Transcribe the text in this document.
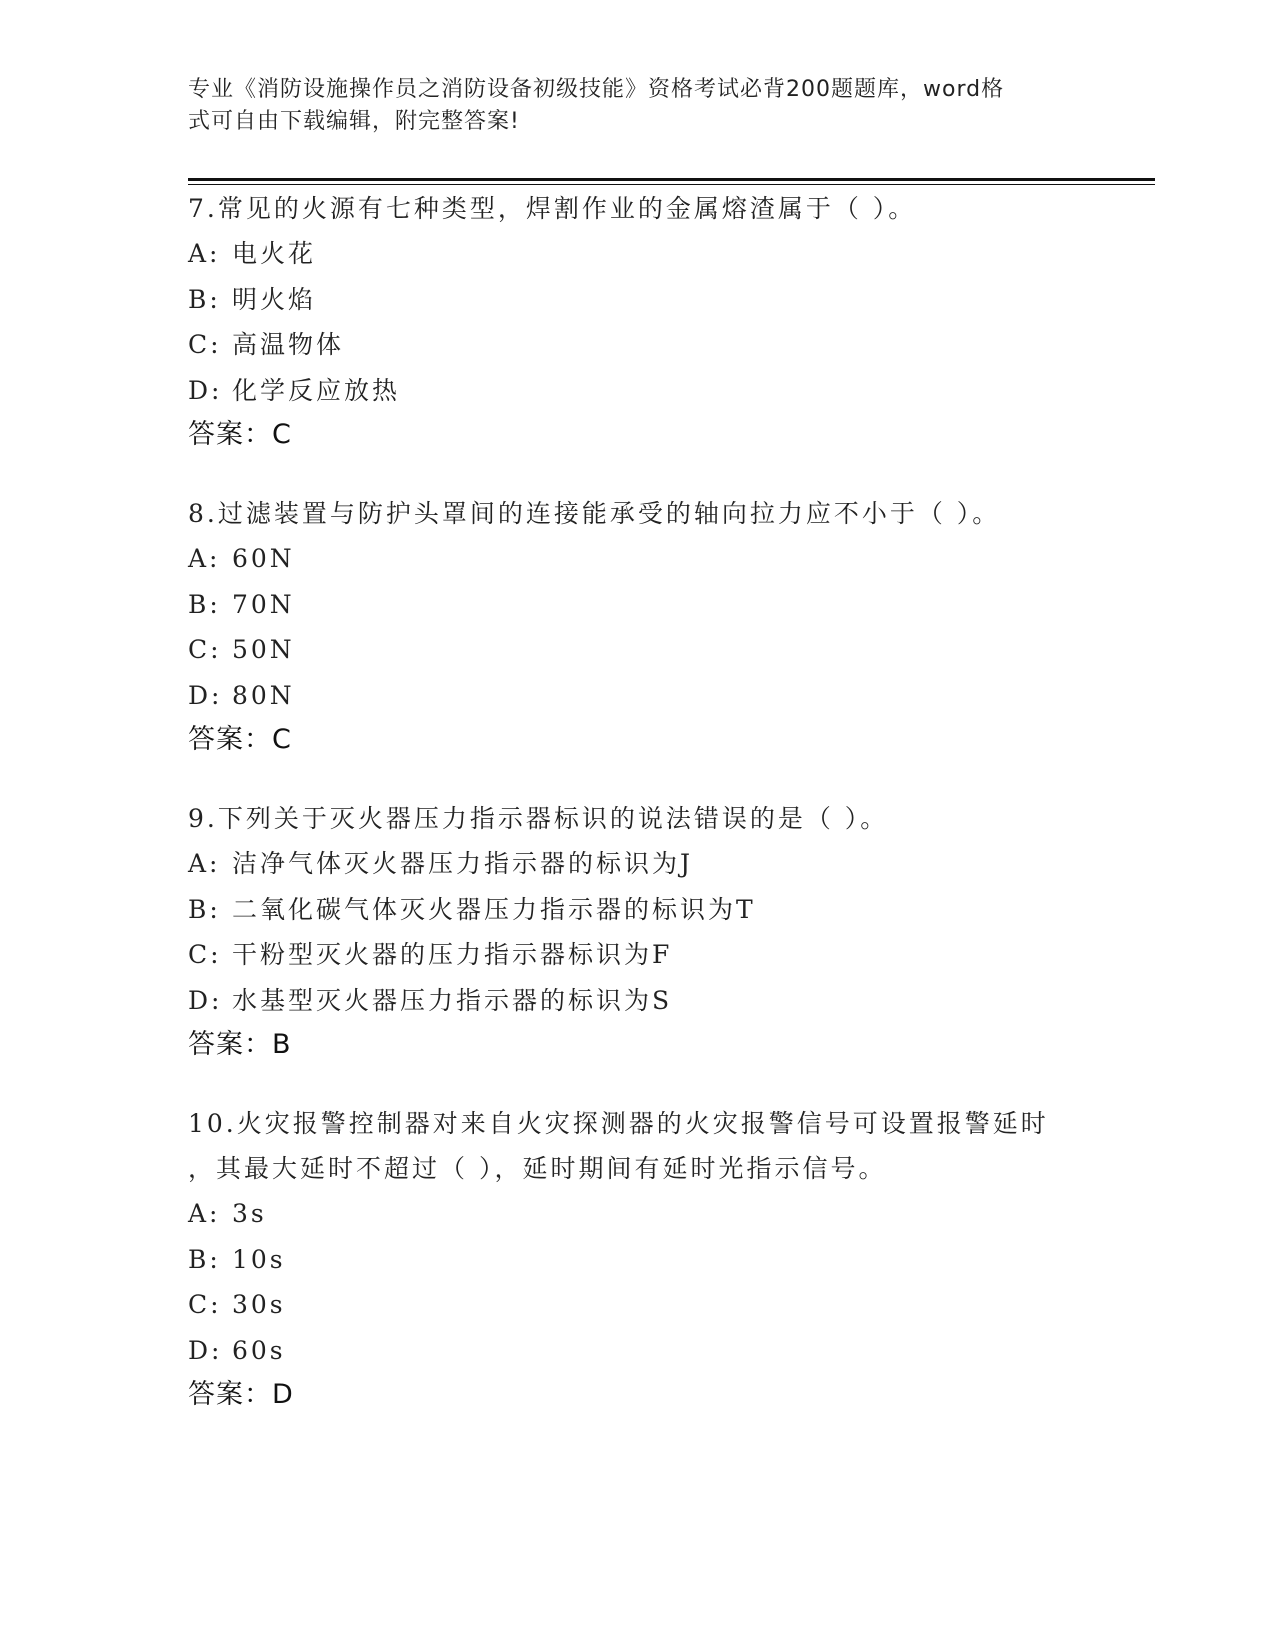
专业《消防设施操作员之消防设备初级技能》资格考试必背200题题库，word格
式可自由下载编辑，附完整答案!
7.常见的火源有七种类型，焊割作业的金属熔渣属于（ ）。
A: 电火花
B: 明火焰
C: 高温物体
D: 化学反应放热
答案：C
8.过滤装置与防护头罩间的连接能承受的轴向拉力应不小于（ ）。
A: 60N
B: 70N
C: 50N
D: 80N
答案：C
9.下列关于灭火器压力指示器标识的说法错误的是（ ）。
A: 洁净气体灭火器压力指示器的标识为J
B: 二氧化碳气体灭火器压力指示器的标识为T
C: 干粉型灭火器的压力指示器标识为F
D: 水基型灭火器压力指示器的标识为S
答案：B
10.火灾报警控制器对来自火灾探测器的火灾报警信号可设置报警延时
，其最大延时不超过（ ），延时期间有延时光指示信号。
A: 3s
B: 10s
C: 30s
D: 60s
答案：D
